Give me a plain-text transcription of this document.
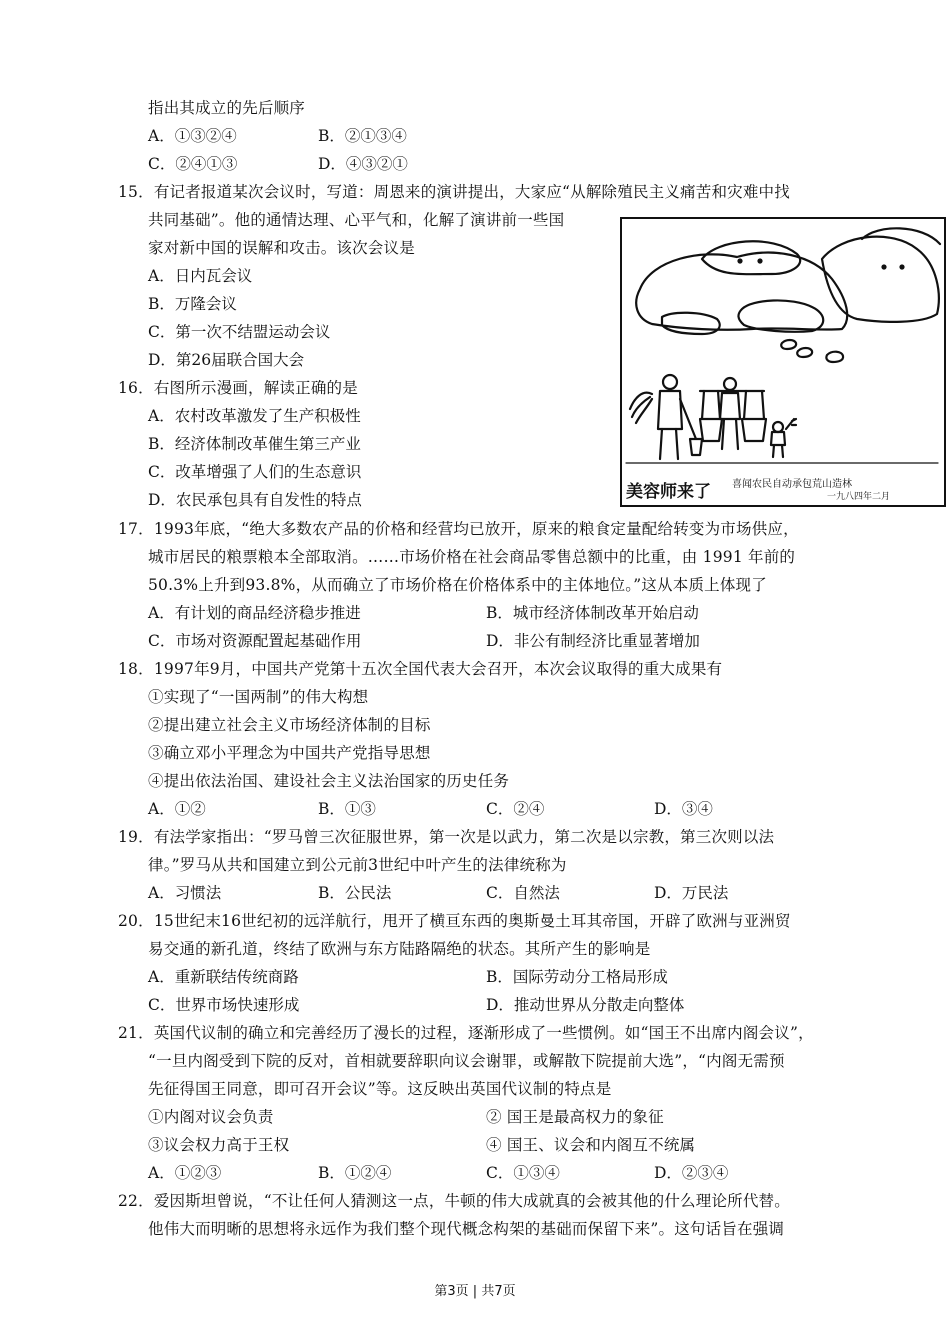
指出其成立的先后顺序
A．①③②④	B．②①③④
C．②④①③	D．④③②①
15．有记者报道某次会议时，写道：周恩来的演讲提出，大家应“从解除殖民主义痛苦和灾难中找
共同基础”。他的通情达理、心平气和，化解了演讲前一些国
家对新中国的误解和攻击。该次会议是
A．日内瓦会议
B．万隆会议
C．第一次不结盟运动会议
D．第26届联合国大会
16．右图所示漫画，解读正确的是
A．农村改革激发了生产积极性
B．经济体制改革催生第三产业
C．改革增强了人们的生态意识
D．农民承包具有自发性的特点	美容师来了 喜闻农民自动承包荒山造林
一九八四年二月
17．1993年底，“绝大多数农产品的价格和经营均已放开，原来的粮食定量配给转变为市场供应，
城市居民的粮票粮本全部取消。……市场价格在社会商品零售总额中的比重，由 1991 年前的
50.3%上升到93.8%，从而确立了市场价格在价格体系中的主体地位。”这从本质上体现了
A．有计划的商品经济稳步推进	B．城市经济体制改革开始启动
C．市场对资源配置起基础作用	D．非公有制经济比重显著增加
18．1997年9月，中国共产党第十五次全国代表大会召开，本次会议取得的重大成果有
①实现了“一国两制”的伟大构想
②提出建立社会主义市场经济体制的目标
③确立邓小平理念为中国共产党指导思想
④提出依法治国、建设社会主义法治国家的历史任务
A．①②	B．①③	C．②④	D．③④
19．有法学家指出：“罗马曾三次征服世界，第一次是以武力，第二次是以宗教，第三次则以法
律。”罗马从共和国建立到公元前3世纪中叶产生的法律统称为
A．习惯法	B．公民法	C．自然法	D．万民法
20．15世纪末16世纪初的远洋航行，甩开了横亘东西的奥斯曼土耳其帝国，开辟了欧洲与亚洲贸
易交通的新孔道，终结了欧洲与东方陆路隔绝的状态。其所产生的影响是
A．重新联结传统商路	B．国际劳动分工格局形成
C．世界市场快速形成	D．推动世界从分散走向整体
21．英国代议制的确立和完善经历了漫长的过程，逐渐形成了一些惯例。如“国王不出席内阁会议”，
“一旦内阁受到下院的反对，首相就要辞职向议会谢罪，或解散下院提前大选”，“内阁无需预
先征得国王同意，即可召开会议”等。这反映出英国代议制的特点是
①内阁对议会负责	② 国王是最高权力的象征
③议会权力高于王权	④ 国王、议会和内阁互不统属
A．①②③	B．①②④	C．①③④	D．②③④
22．爱因斯坦曾说，“不让任何人猜测这一点，牛顿的伟大成就真的会被其他的什么理论所代替。
他伟大而明晰的思想将永远作为我们整个现代概念构架的基础而保留下来”。这句话旨在强调
第3页 | 共7页
